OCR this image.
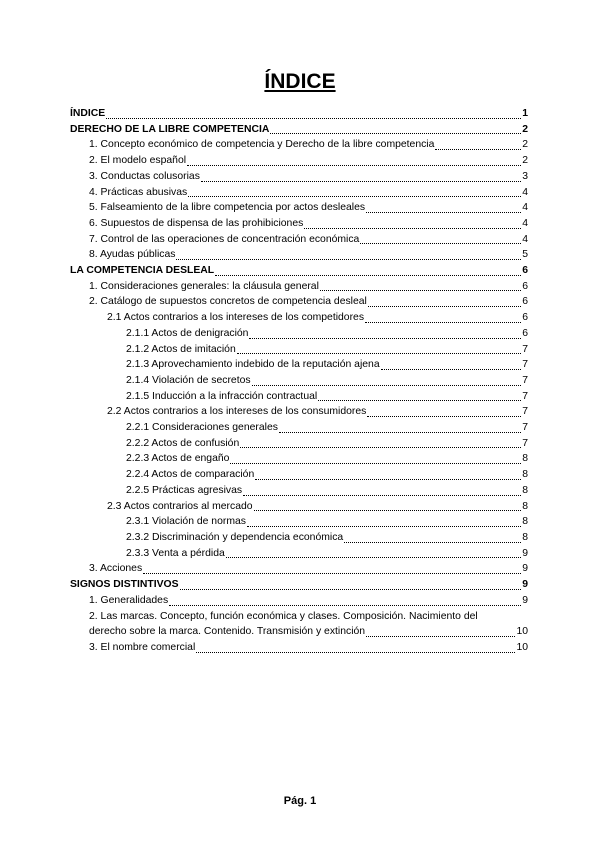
ÍNDICE
ÍNDICE	1
DERECHO DE LA LIBRE COMPETENCIA	2
1. Concepto económico de competencia y Derecho de la libre competencia	2
2. El modelo español	2
3. Conductas colusorias	3
4. Prácticas abusivas	4
5. Falseamiento de la libre competencia por actos desleales	4
6. Supuestos de dispensa de las prohibiciones	4
7. Control de las operaciones de concentración económica	4
8. Ayudas públicas	5
LA COMPETENCIA DESLEAL	6
1. Consideraciones generales: la cláusula general	6
2. Catálogo de supuestos concretos de competencia desleal	6
2.1 Actos contrarios a los intereses de los competidores	6
2.1.1 Actos de denigración	6
2.1.2 Actos de imitación	7
2.1.3 Aprovechamiento indebido de la reputación ajena	7
2.1.4 Violación de secretos	7
2.1.5 Inducción a la infracción contractual	7
2.2 Actos contrarios a los intereses de los consumidores	7
2.2.1 Consideraciones generales	7
2.2.2 Actos de confusión	7
2.2.3 Actos de engaño	8
2.2.4 Actos de comparación	8
2.2.5 Prácticas agresivas	8
2.3 Actos contrarios al mercado	8
2.3.1 Violación de normas	8
2.3.2 Discriminación y dependencia económica	8
2.3.3 Venta a pérdida	9
3. Acciones	9
SIGNOS DISTINTIVOS	9
1. Generalidades	9
2. Las marcas. Concepto, función económica y clases. Composición. Nacimiento del
derecho sobre la marca. Contenido. Transmisión y extinción	10
3. El nombre comercial	10
Pág. 1
